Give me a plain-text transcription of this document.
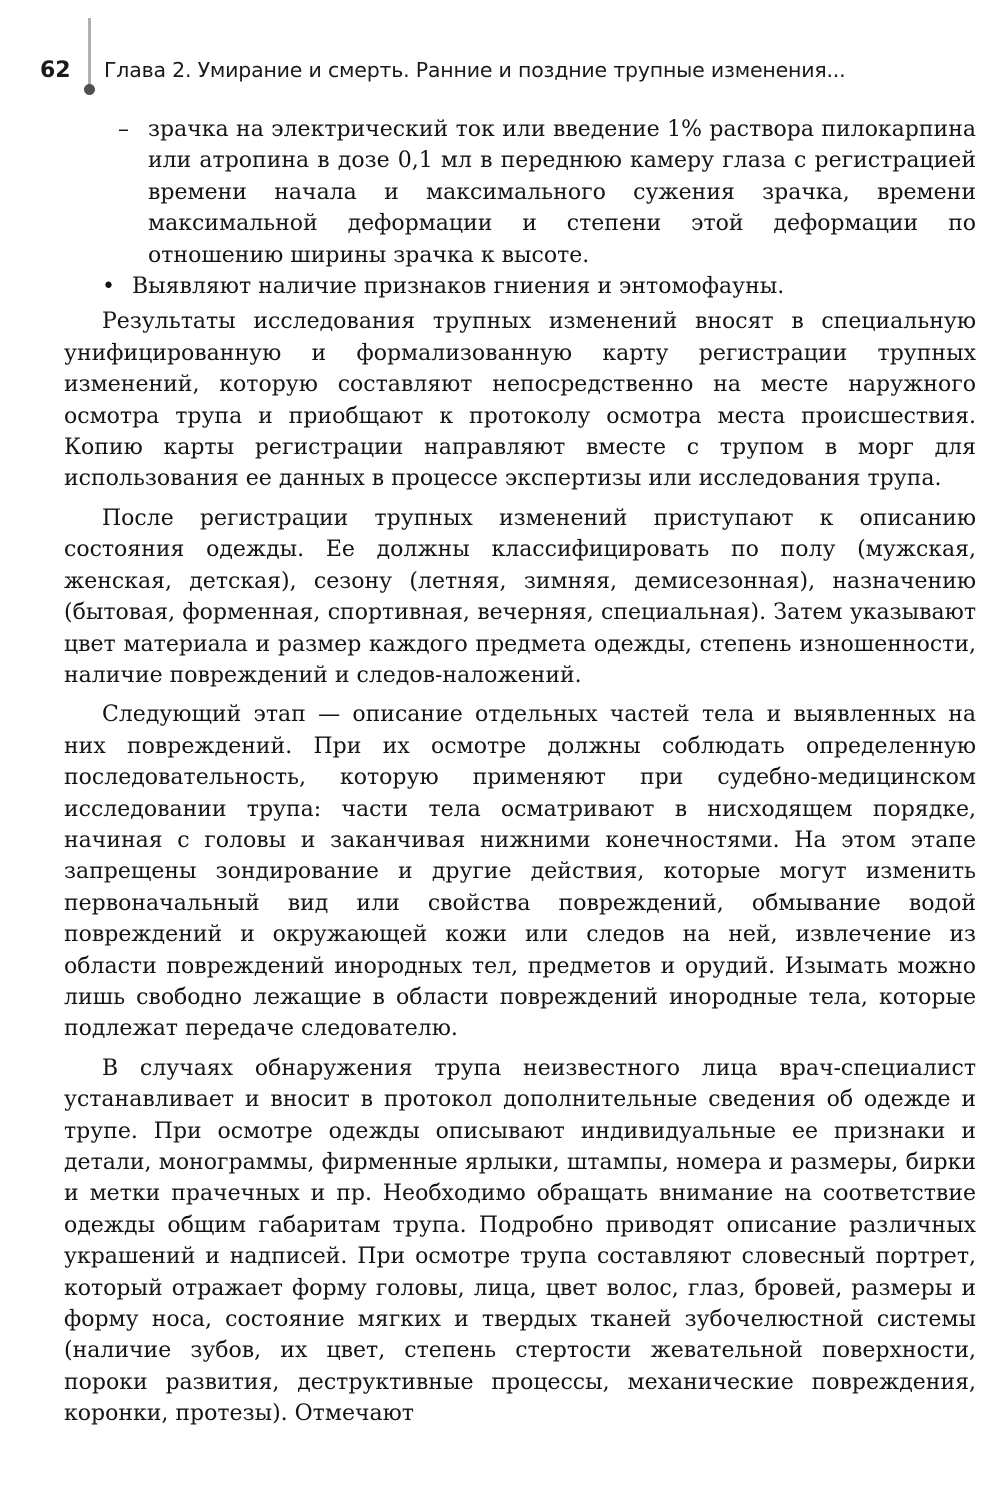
62 Глава 2. Умирание и смерть. Ранние и поздние трупные изменения...

– зрачка на электрический ток или введение 1% раствора пилокарпина или атропина в дозе 0,1 мл в переднюю камеру глаза с регистрацией времени начала и максимального сужения зрачка, времени максимальной деформации и степени этой деформации по отношению ширины зрачка к высоте.

• Выявляют наличие признаков гниения и энтомофауны.

Результаты исследования трупных изменений вносят в специальную унифицированную и формализованную карту регистрации трупных изменений, которую составляют непосредственно на месте наружного осмотра трупа и приобщают к протоколу осмотра места происшествия. Копию карты регистрации направляют вместе с трупом в морг для использования ее данных в процессе экспертизы или исследования трупа.

После регистрации трупных изменений приступают к описанию состояния одежды. Ее должны классифицировать по полу (мужская, женская, детская), сезону (летняя, зимняя, демисезонная), назначению (бытовая, форменная, спортивная, вечерняя, специальная). Затем указывают цвет материала и размер каждого предмета одежды, степень изношенности, наличие повреждений и следов-наложений.

Следующий этап — описание отдельных частей тела и выявленных на них повреждений. При их осмотре должны соблюдать определенную последовательность, которую применяют при судебно-медицинском исследовании трупа: части тела осматривают в нисходящем порядке, начиная с головы и заканчивая нижними конечностями. На этом этапе запрещены зондирование и другие действия, которые могут изменить первоначальный вид или свойства повреждений, обмывание водой повреждений и окружающей кожи или следов на ней, извлечение из области повреждений инородных тел, предметов и орудий. Изымать можно лишь свободно лежащие в области повреждений инородные тела, которые подлежат передаче следователю.

В случаях обнаружения трупа неизвестного лица врач-специалист устанавливает и вносит в протокол дополнительные сведения об одежде и трупе. При осмотре одежды описывают индивидуальные ее признаки и детали, монограммы, фирменные ярлыки, штампы, номера и размеры, бирки и метки прачечных и пр. Необходимо обращать внимание на соответствие одежды общим габаритам трупа. Подробно приводят описание различных украшений и надписей. При осмотре трупа составляют словесный портрет, который отражает форму головы, лица, цвет волос, глаз, бровей, размеры и форму носа, состояние мягких и твердых тканей зубочелюстной системы (наличие зубов, их цвет, степень стертости жевательной поверхности, пороки развития, деструктивные процессы, механические повреждения, коронки, протезы). Отмечают
